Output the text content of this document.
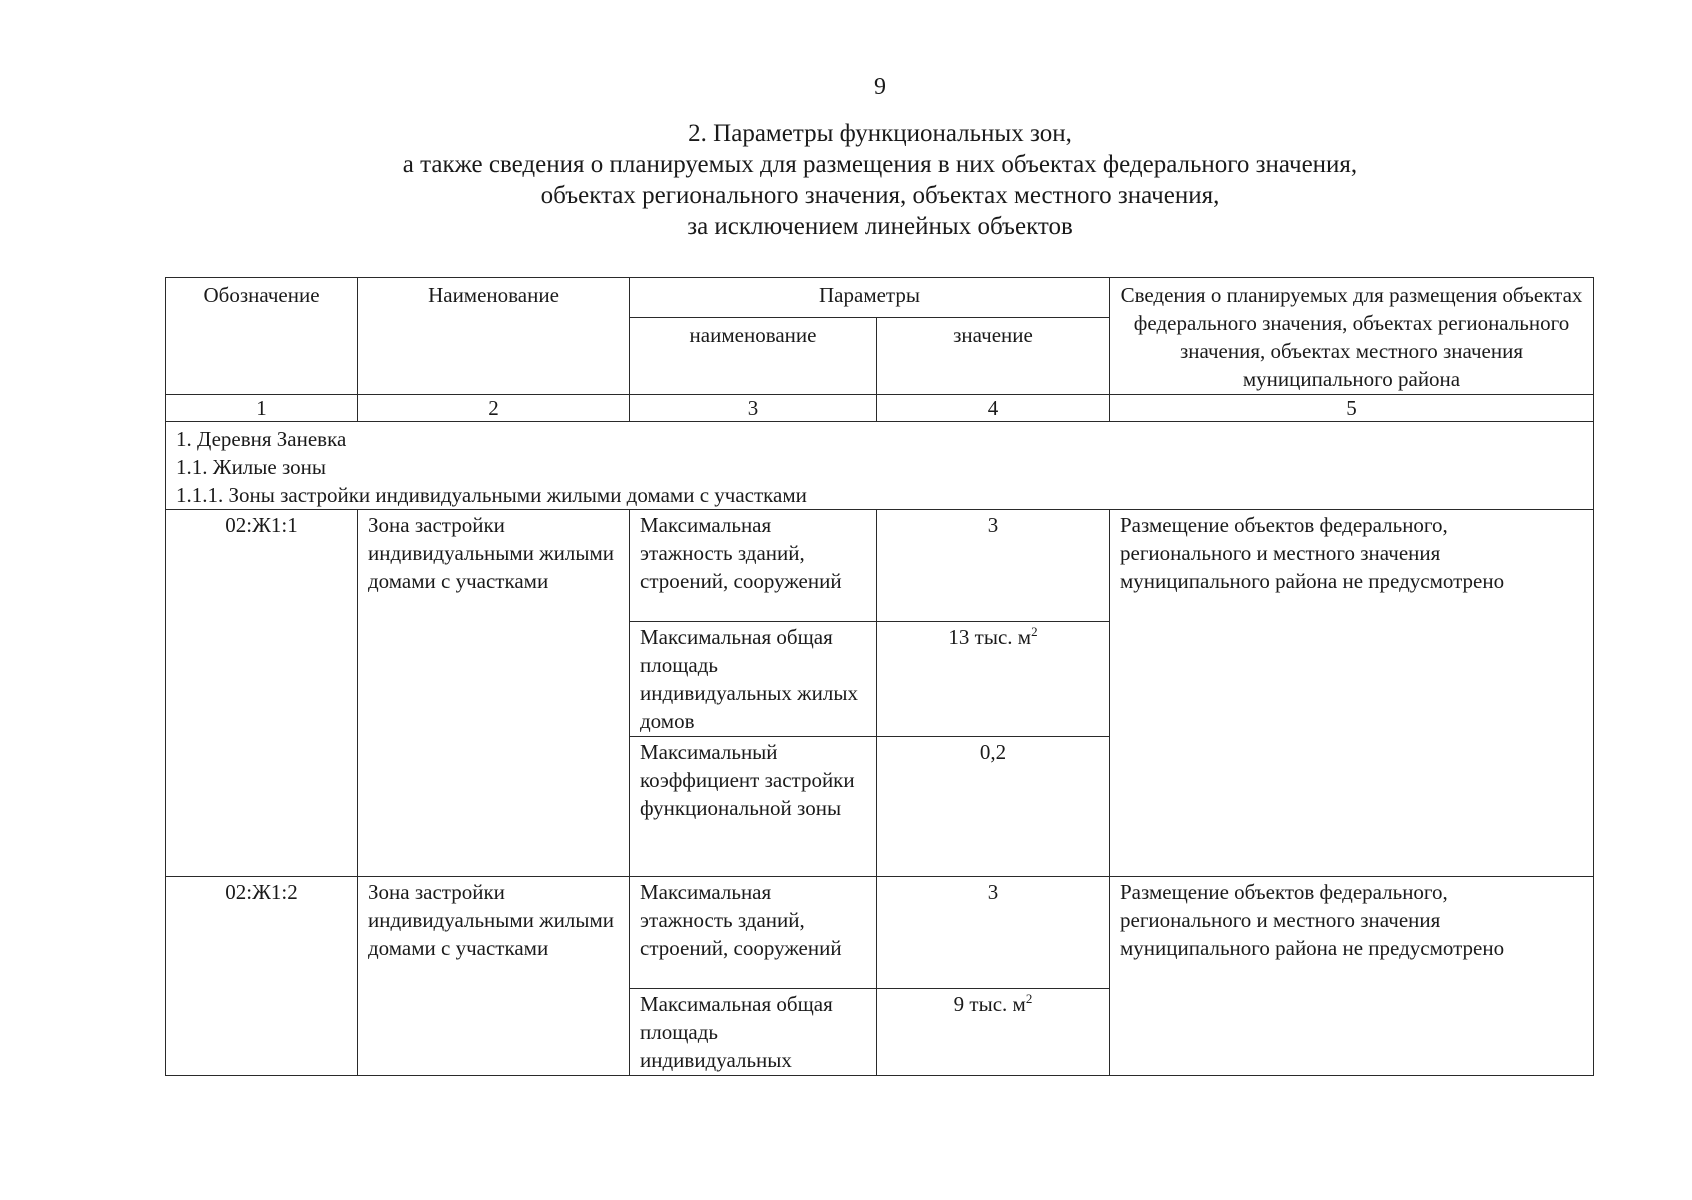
9
2. Параметры функциональных зон,
а также сведения о планируемых для размещения в них объектах федерального значения,
объектах регионального значения, объектах местного значения,
за исключением линейных объектов
Обозначение	Наименование	Параметры		Сведения о планируемых для размещения объектах федерального значения, объектах регионального значения, объектах местного значения муниципального района
		наименование	значение	
1	2	3	4	5

1. Деревня Заневка
1.1. Жилые зоны
1.1.1. Зоны застройки индивидуальными жилыми домами с участками				

02:Ж1:1	Зона застройки индивидуальными жилыми домами с участками	Максимальная этажность зданий, строений, сооружений	3	Размещение объектов федерального, регионального и местного значения муниципального района не предусмотрено
		Максимальная общая площадь индивидуальных жилых домов	13 тыс. $м^2$
		Максимальный коэффициент застройки функциональной зоны	0,2	
02:Ж1:2	Зона застройки индивидуальными жилыми домами с участками	Максимальная этажность зданий, строений, сооружений	3	Размещение объектов федерального, регионального и местного значения муниципального района не предусмотрено
		Максимальная общая площадь индивидуальных	9 тыс. $м^2$
